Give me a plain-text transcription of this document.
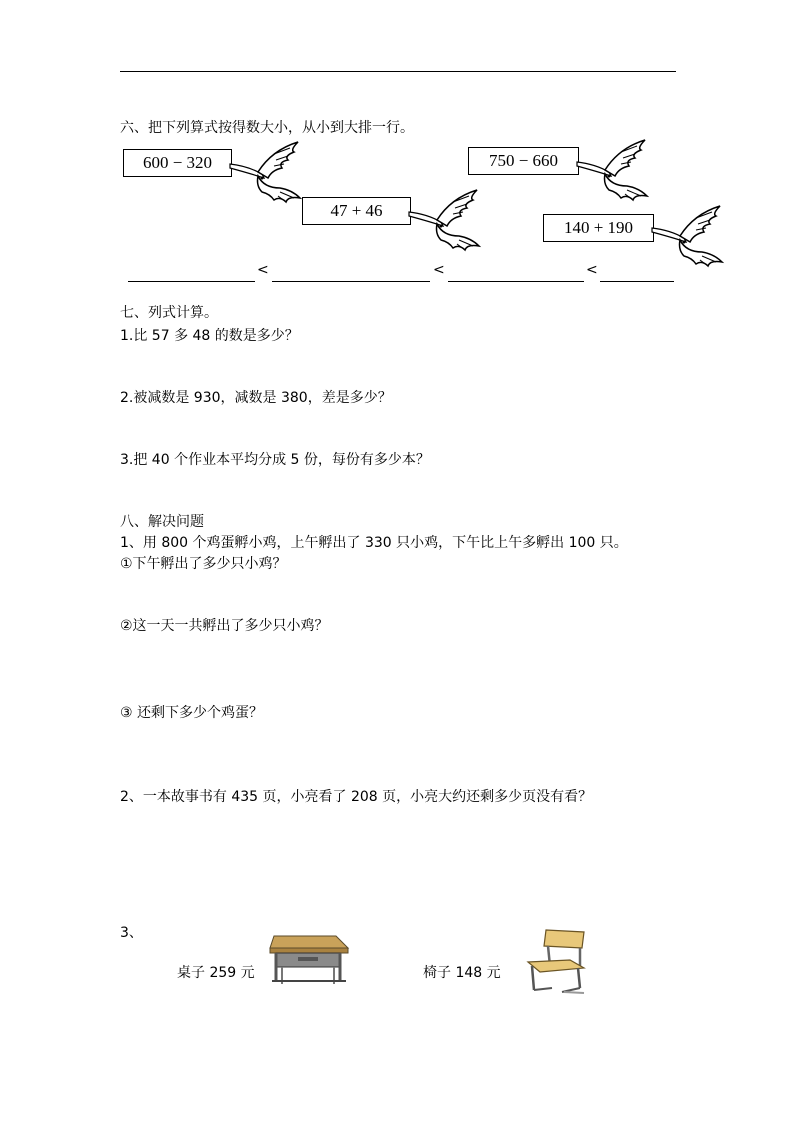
六、把下列算式按得数大小，从小到大排一行。
600 − 320
47 + 46
750 − 660
140 + 190
<	<	<
七、列式计算。
1.比 57 多 48 的数是多少？
2.被减数是 930，减数是 380，差是多少？
3.把 40 个作业本平均分成 5 份，每份有多少本？
八、解决问题
1、用 800 个鸡蛋孵小鸡，上午孵出了 330 只小鸡，下午比上午多孵出 100 只。
①下午孵出了多少只小鸡？
②这一天一共孵出了多少只小鸡？
③ 还剩下多少个鸡蛋？
2、一本故事书有 435 页，小亮看了 208 页，小亮大约还剩多少页没有看？
3、
桌子 259 元	椅子 148 元
